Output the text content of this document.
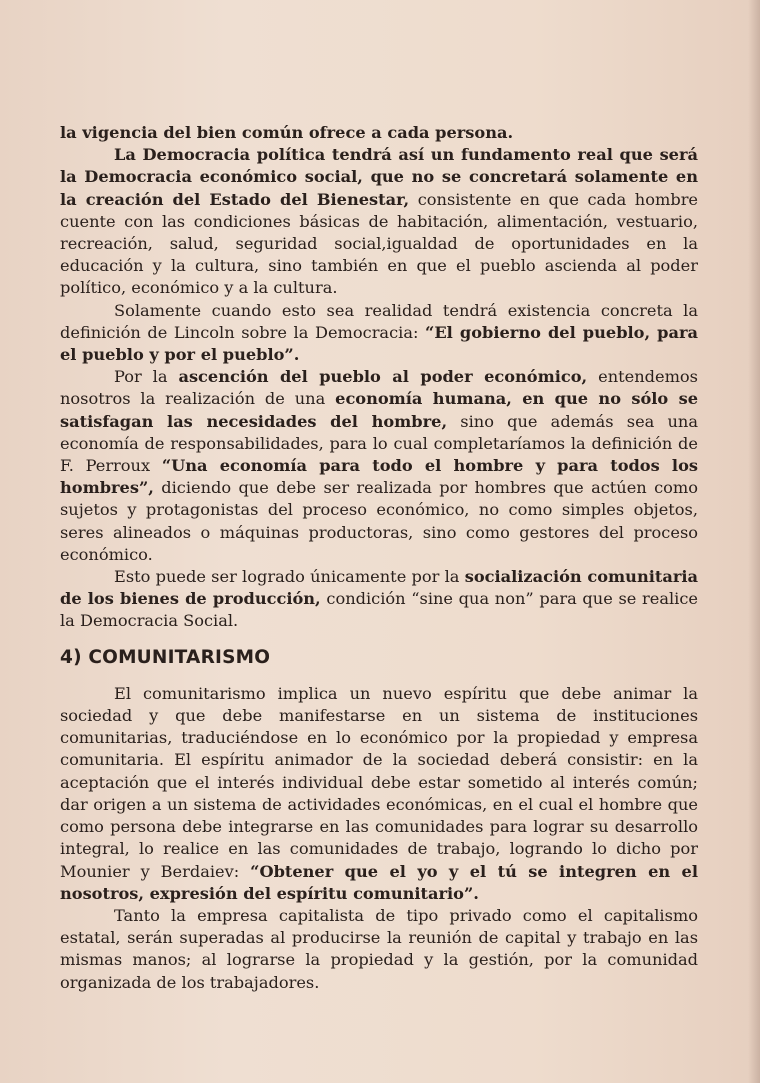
la vigencia del bien común ofrece a cada persona.

La Democracia política tendrá así un fundamento real que será la Democracia económico social, que no se concretará solamente en la creación del Estado del Bienestar, consistente en que cada hombre cuente con las condiciones básicas de habitación, alimentación, vestuario, recreación, salud, seguridad social,igualdad de oportunidades en la educación y la cultura, sino también en que el pueblo ascienda al poder político, económico y a la cultura.

Solamente cuando esto sea realidad tendrá existencia concreta la definición de Lincoln sobre la Democracia: “El gobierno del pueblo, para el pueblo y por el pueblo”.

Por la ascención del pueblo al poder económico, entendemos nosotros la realización de una economía humana, en que no sólo se satisfagan las necesidades del hombre, sino que además sea una economía de responsabilidades, para lo cual completaríamos la definición de F. Perroux “Una economía para todo el hombre y para todos los hombres”, diciendo que debe ser realizada por hombres que actúen como sujetos y protagonistas del proceso económico, no como simples objetos, seres alineados o máquinas productoras, sino como gestores del proceso económico.

Esto puede ser logrado únicamente por la socialización comunitaria de los bienes de producción, condición “sine qua non” para que se realice la Democracia Social.

4) COMUNITARISMO

El comunitarismo implica un nuevo espíritu que debe animar la sociedad y que debe manifestarse en un sistema de instituciones comunitarias, traduciéndose en lo económico por la propiedad y empresa comunitaria. El espíritu animador de la sociedad deberá consistir: en la aceptación que el interés individual debe estar sometido al interés común; dar origen a un sistema de actividades económicas, en el cual el hombre que como persona debe integrarse en las comunidades para lograr su desarrollo integral, lo realice en las comunidades de trabajo, logrando lo dicho por Mounier y Berdaiev: “Obtener que el yo y el tú se integren en el nosotros, expresión del espíritu comunitario”.

Tanto la empresa capitalista de tipo privado como el capitalismo estatal, serán superadas al producirse la reunión de capital y trabajo en las mismas manos; al lograrse la propiedad y la gestión, por la comunidad organizada de los trabajadores.
